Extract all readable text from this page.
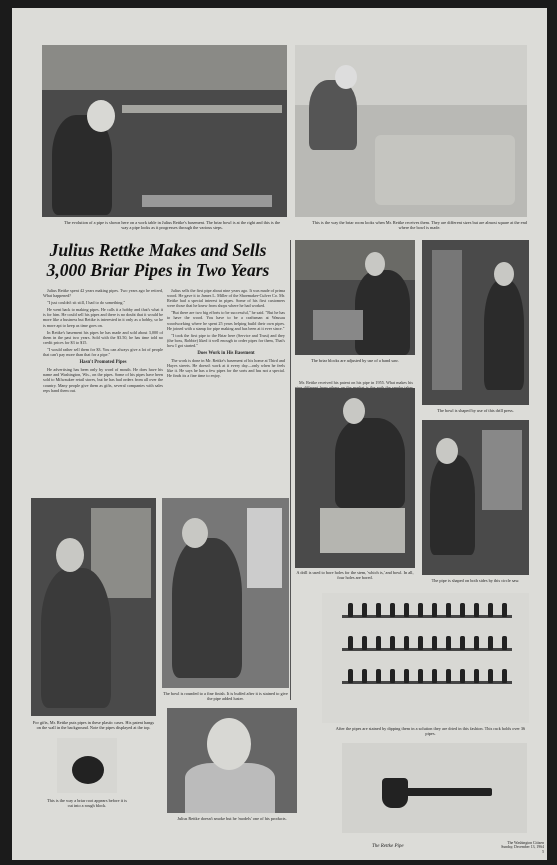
The evolution of a pipe is shown here on a work table in Julius Rettke's basement. The briar bowl is at the right and this is the way a pipe looks as it progresses through the various steps.
This is the way the briar room looks when Mr. Rettke receives them. They are different sizes but are almost square at the end where the bowl is made.
Julius Rettke Makes and Sells
3,000 Briar Pipes in Two Years

Julius Rettke spent 42 years making pipes. Two years ago he retired, What happened?

"I just couldn't sit still, I had to do something."

He went back to making pipes. He calls it a hobby and that's what it is for him. He could sell his pipes and there is no doubt that it would be more like a business but Rettke is interested in it only as a hobby, so he is more apt to keep as time goes on.

In Rettke's basement his pipes he has made and sold about 3,000 of them in the past two years. Sold with the $3.50, he has time told no credit prices for $3 to $15.

"I would rather sell them for $3. You can always give a lot of people that can't pay more than that for a pipe."

Hasn't Promoted Pipes

He advertising has been only by word of mouth. He does have his name and Washington, Wis., on the pipes. Some of his pipes have been sold to Milwaukee retail stores, but he has had orders from all over the country. Many people give them as gifts, several companies with sales reps hand them out.

Julius sells the first pipe about nine years ago. It was made of prima wood. He gave it to James L. Miller of the Shoemaker-Culver Co. Mr. Rettke had a special interest in pipes. Some of his first customers were those that he knew from shops where he had worked.

"But there are two big efforts to be successful," he said. "But he has to have the wood. You have to be a craftsman at Wausau woodworking where he spent 25 years helping build their own pipes. He joined with a stamp for pipe making and has been at it ever since."

"I took the first pipe to the Briar here (Service and Trust) and they (the boss, Robbie) liked it well enough to order pipes for them, That's how I got started."

Does Work in His Basement

The work is done in Mr. Rettke's basement of his home at Third and Hayes streets. He doesn't work at it every day—only when he feels like it. He says he has a few pipes for the sorts and has not a special. He finds its a fine time to enjoy.

Mr. Rettke received his patent on his pipe in 1955. What makes his

The briar blocks are adjusted by use of a band saw.
The bowl is shaped by use of this drill press.
A drill is used to bore holes for the stem, 'which is,' and bowl. In all, four holes are bored.
The pipe is shaped on both sides by this circle saw.
For gifts, Mr. Rettke puts pipes in these plastic cases. His patent hangs on the wall in the background. Note the pipes displayed at the top.
The bowl is rounded to a fine finish. It is buffed after it is stained to give the pipe added luster.
After the pipes are stained by dipping them in a solution they are dried in this fashion. This rack holds over 36 pipes.
This is the way a briar root appears before it is cut into a rough block.
Julius Rettke doesn't smoke but he 'models' one of his products.
The Rettke Pipe
The Washington Citizen
Sunday, December 13, 1964
5
